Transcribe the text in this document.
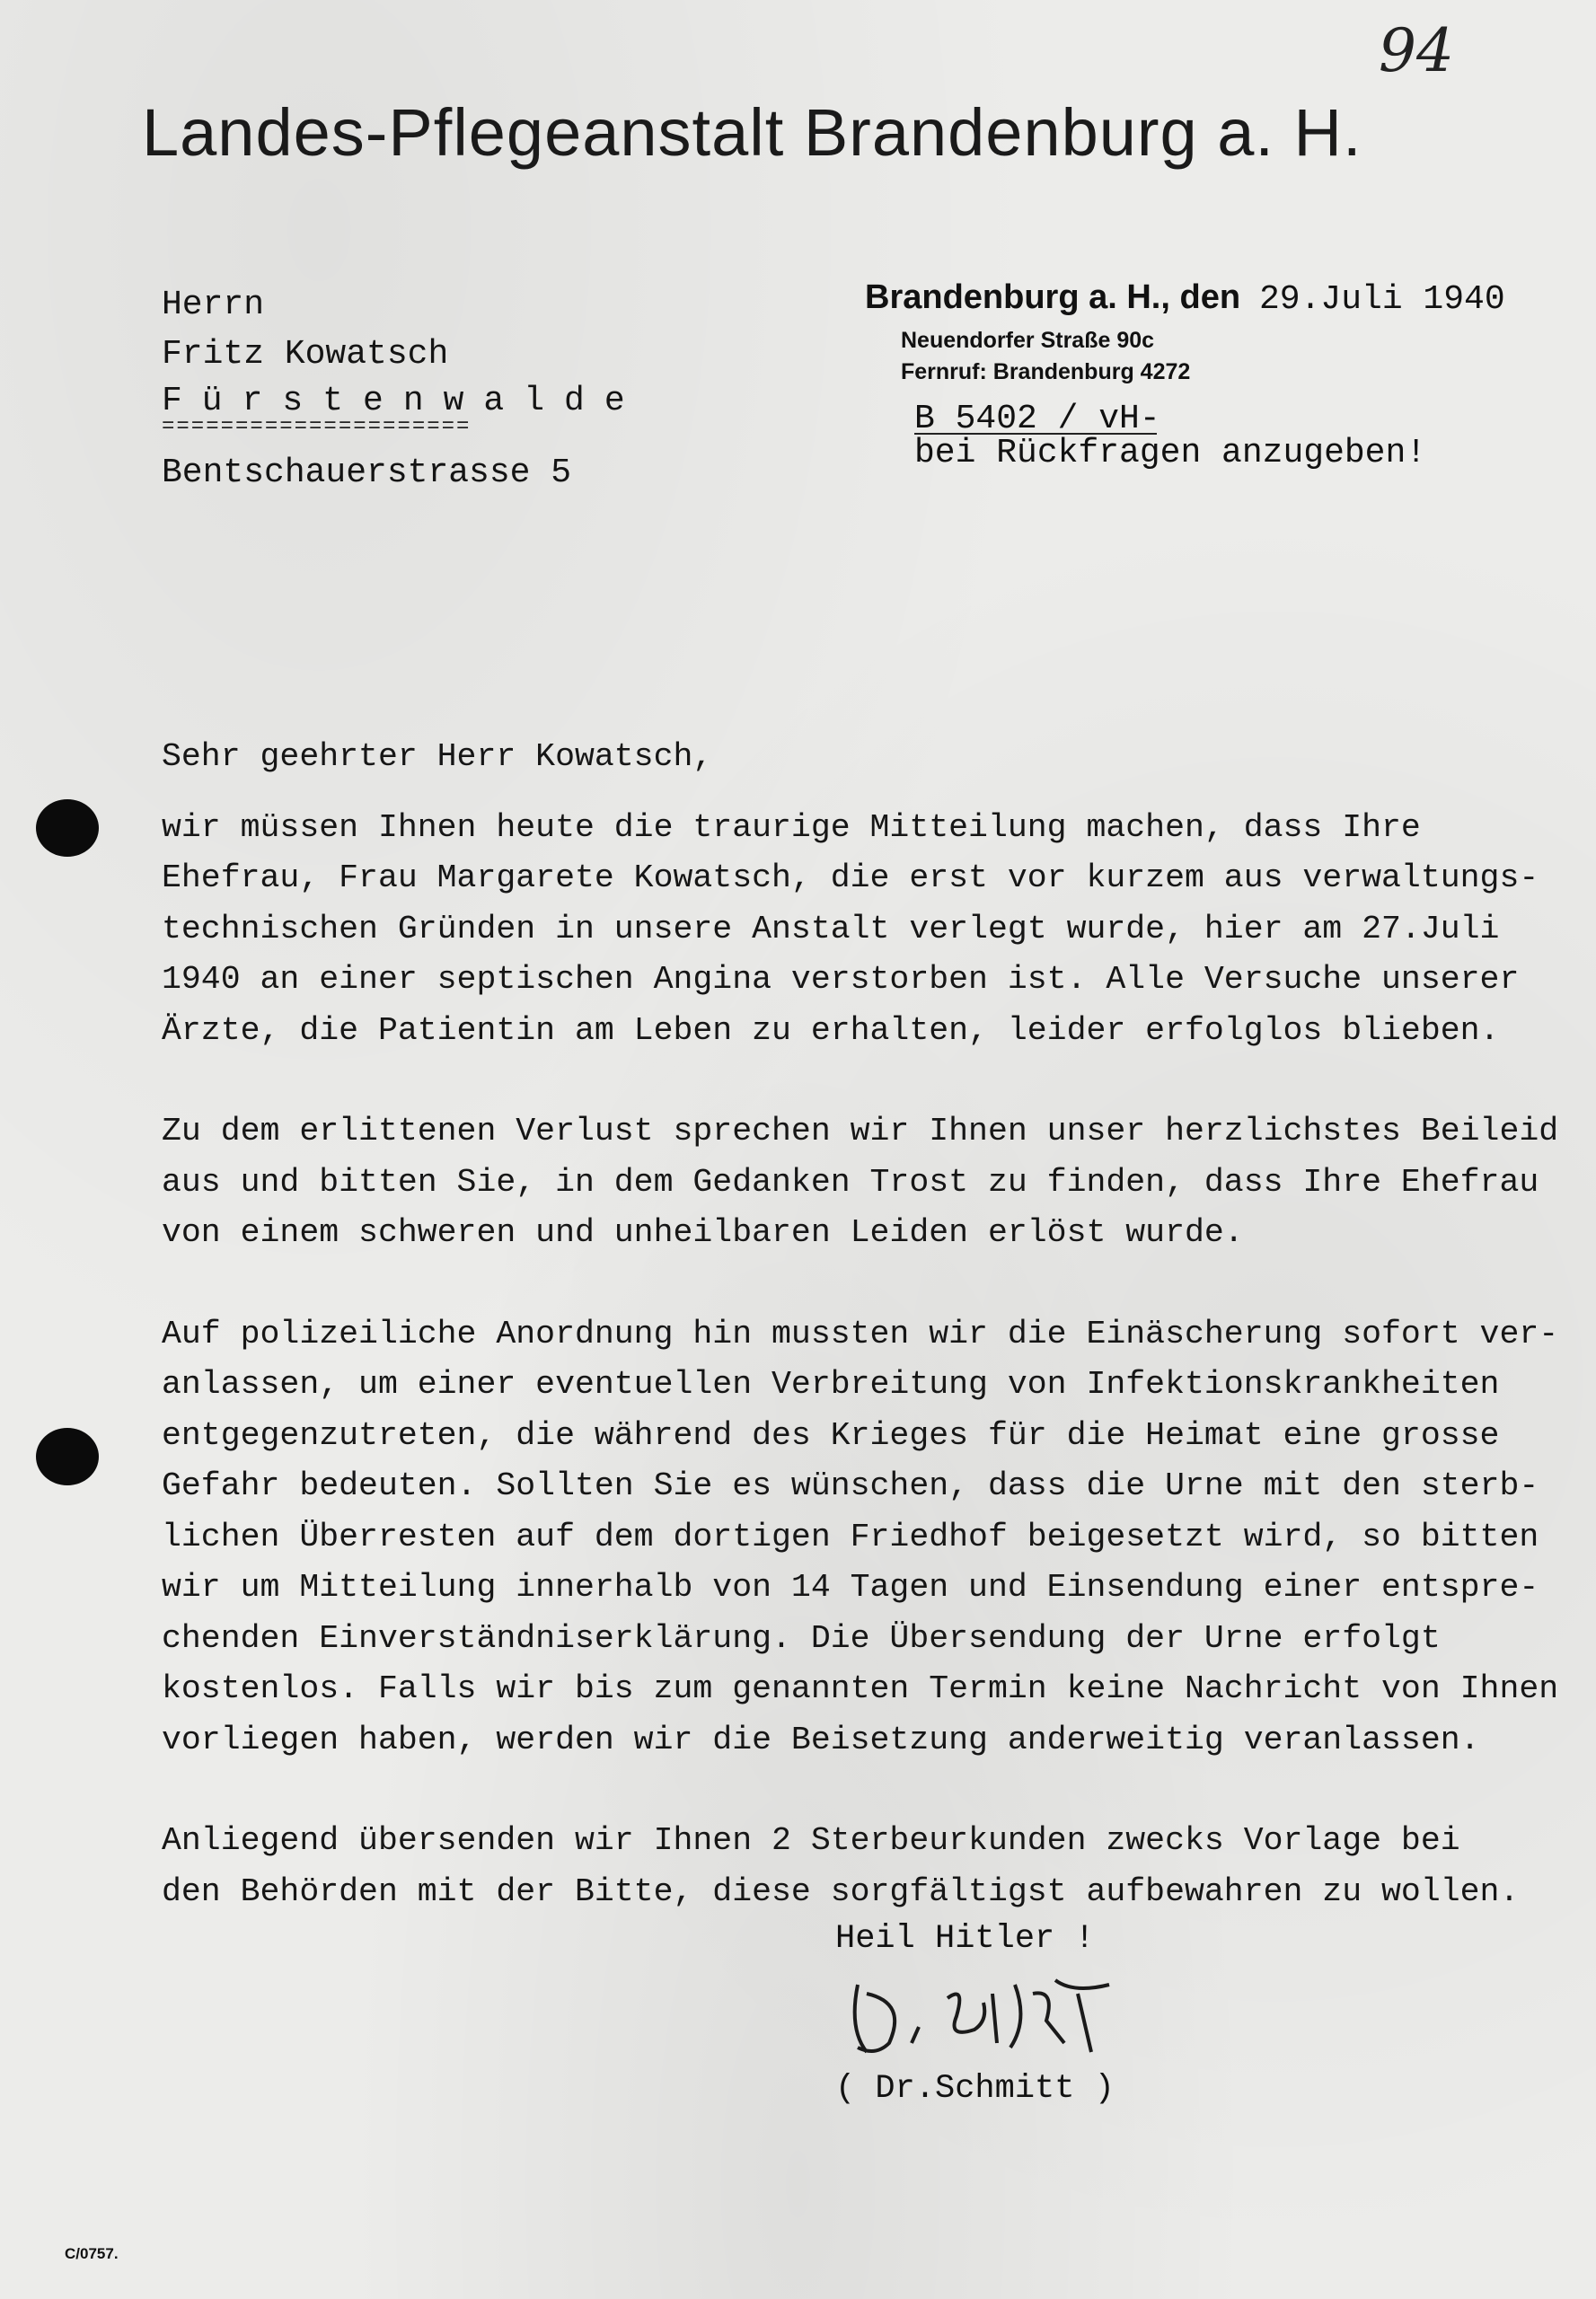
94
Landes-Pflegeanstalt Brandenburg a. H.
Herrn
Fritz Kowatsch
Fürstenwalde
=====================
Bentschauerstrasse 5
Brandenburg a. H., den 29.Juli 1940
Neuendorfer Straße 90c
Fernruf: Brandenburg 4272
B 5402 / vH-
bei Rückfragen anzugeben!
Sehr geehrter Herr Kowatsch,
wir müssen Ihnen heute die traurige Mitteilung machen, dass Ihre
Ehefrau, Frau Margarete Kowatsch, die erst vor kurzem aus verwaltungs-
technischen Gründen in unsere Anstalt verlegt wurde, hier am 27.Juli
1940 an einer septischen Angina verstorben ist. Alle Versuche unserer
Ärzte, die Patientin am Leben zu erhalten, leider erfolglos blieben.
Zu dem erlittenen Verlust sprechen wir Ihnen unser herzlichstes Beileid
aus und bitten Sie, in dem Gedanken Trost zu finden, dass Ihre Ehefrau
von einem schweren und unheilbaren Leiden erlöst wurde.
Auf polizeiliche Anordnung hin mussten wir die Einäscherung sofort ver-
anlassen, um einer eventuellen Verbreitung von Infektionskrankheiten
entgegenzutreten, die während des Krieges für die Heimat eine grosse
Gefahr bedeuten. Sollten Sie es wünschen, dass die Urne mit den sterb-
lichen Überresten auf dem dortigen Friedhof beigesetzt wird, so bitten
wir um Mitteilung innerhalb von 14 Tagen und Einsendung einer entspre-
chenden Einverständniserklärung. Die Übersendung der Urne erfolgt
kostenlos. Falls wir bis zum genannten Termin keine Nachricht von Ihnen
vorliegen haben, werden wir die Beisetzung anderweitig veranlassen.
Anliegend übersenden wir Ihnen 2 Sterbeurkunden zwecks Vorlage bei
den Behörden mit der Bitte, diese sorgfältigst aufbewahren zu wollen.
Heil Hitler !
( Dr.Schmitt )
C/0757.
